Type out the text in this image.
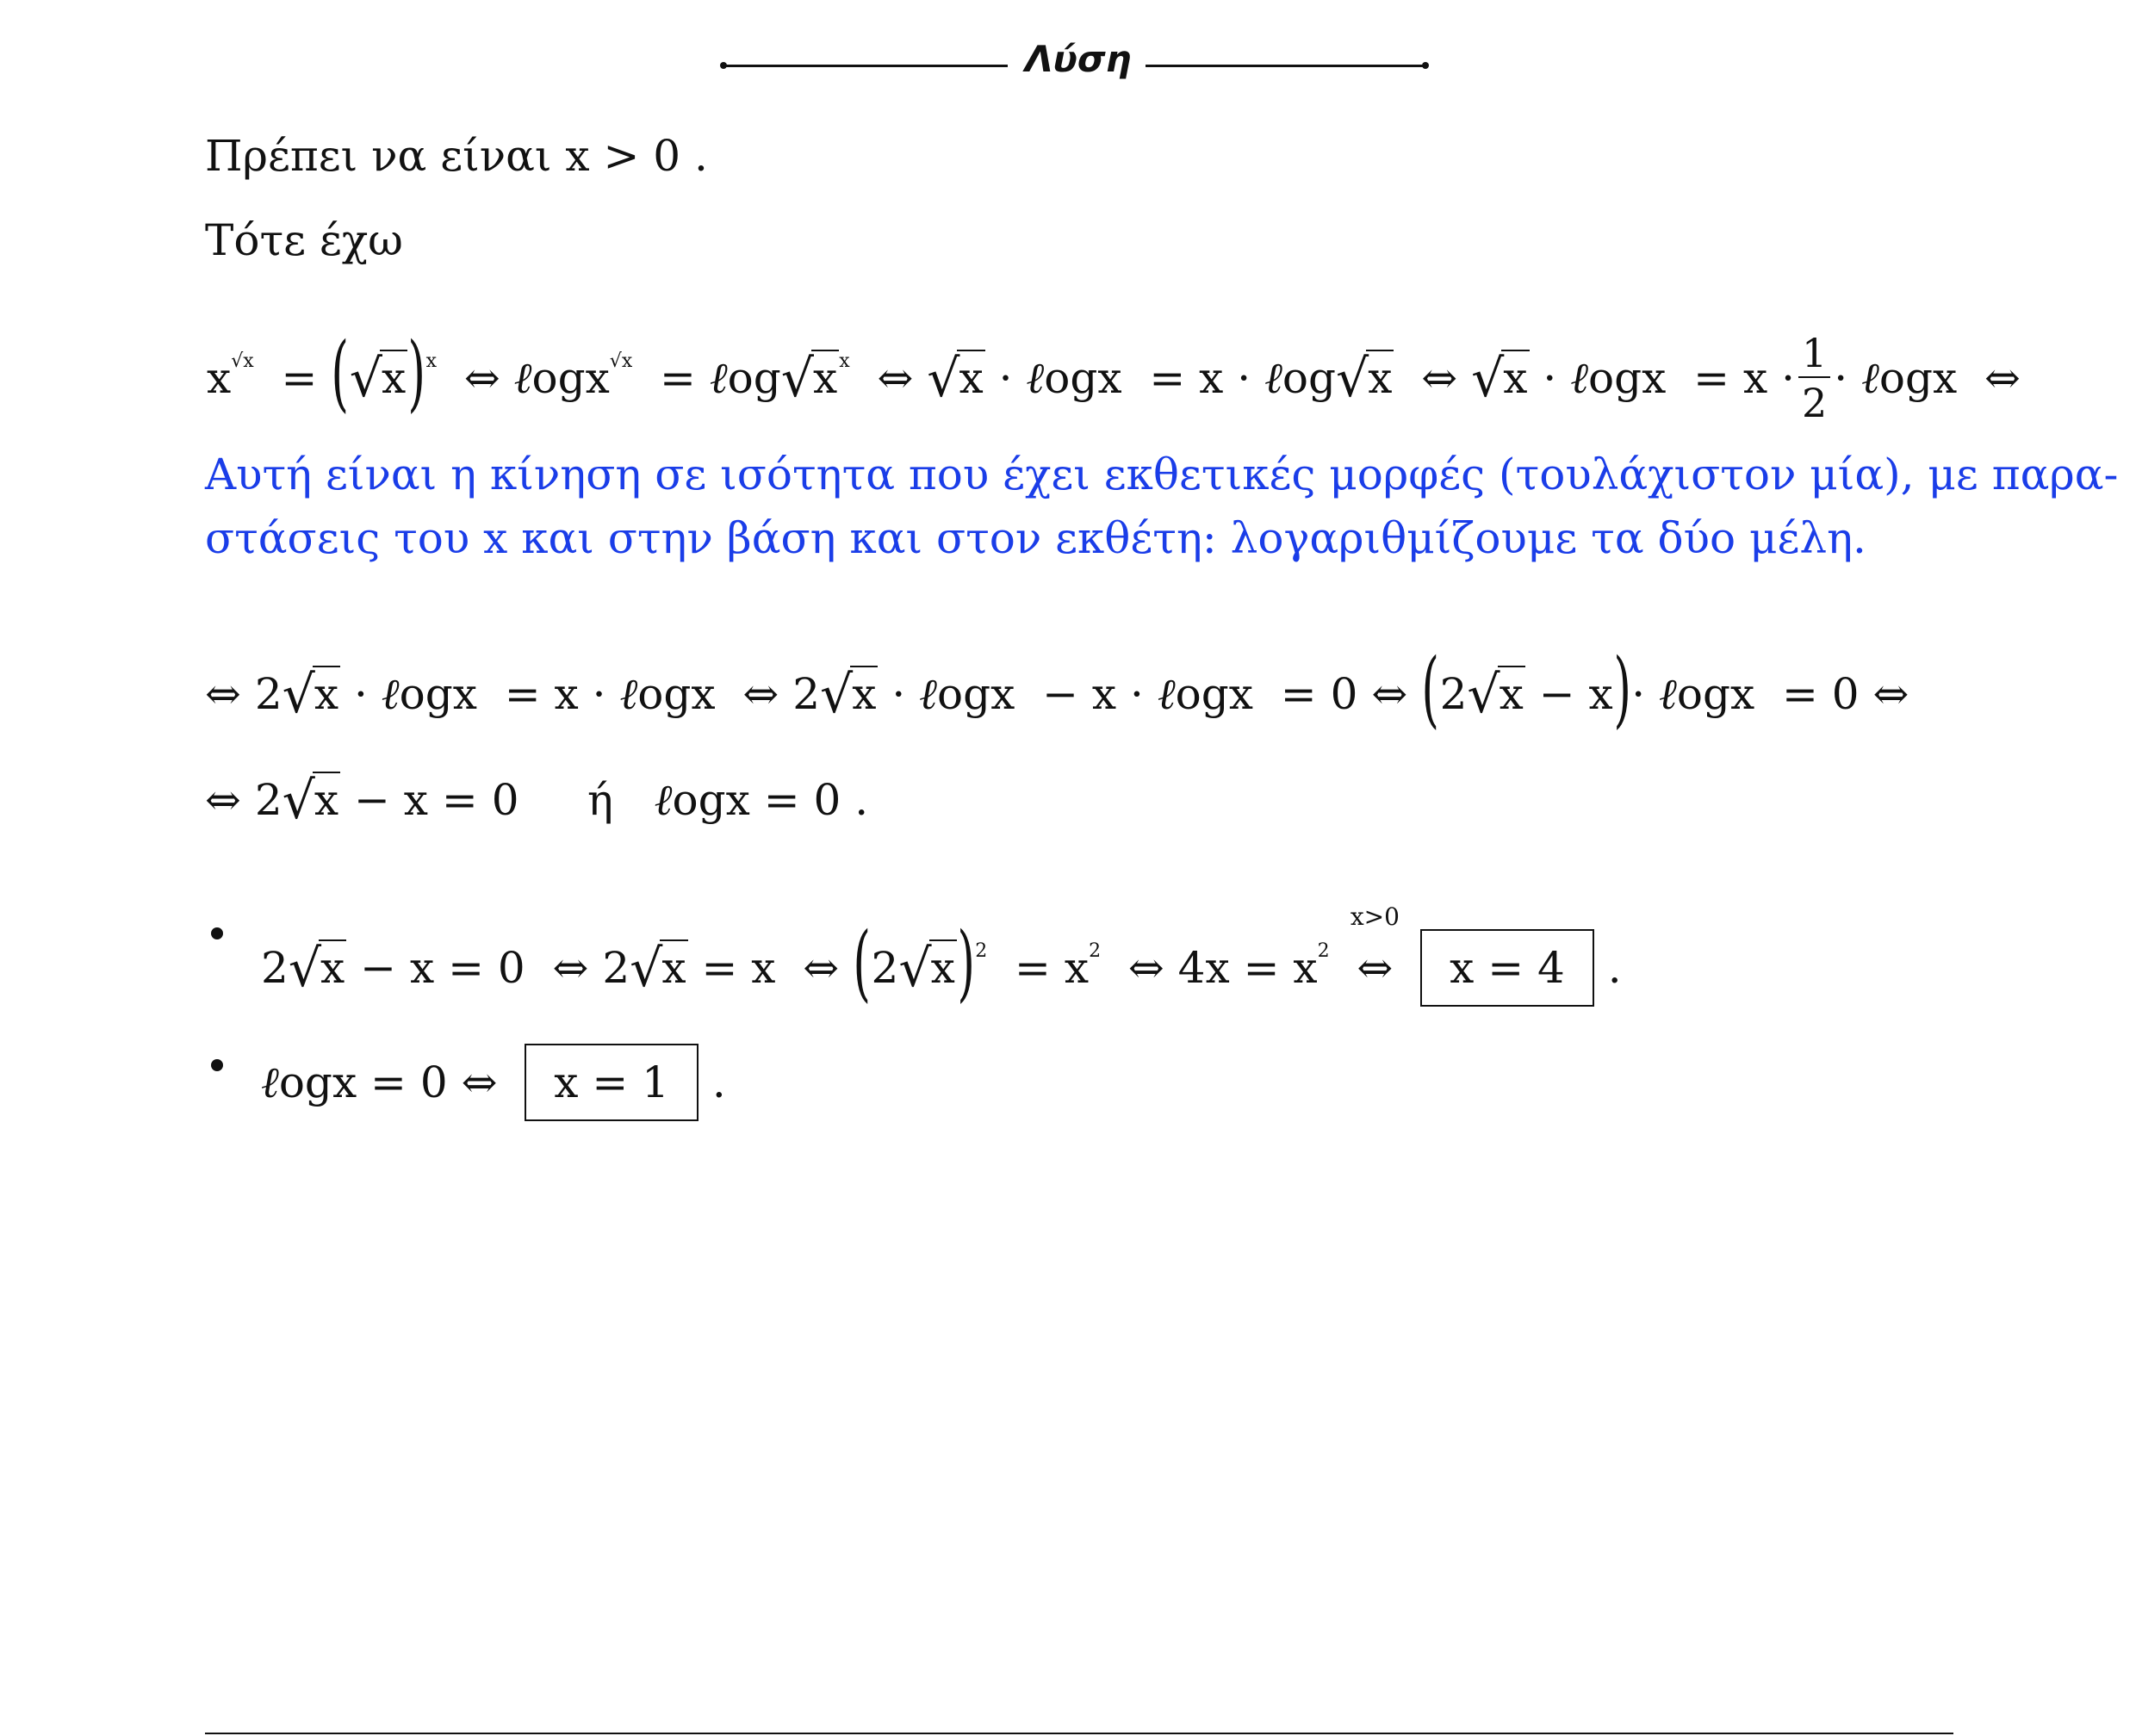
Λύση
Πρέπει να είναι x > 0 .
Τότε έχω
$x^{√x} = (√x)^x$ ⇔ ℓogx$^{√x}$ = $\ell og√x^x$ ⇔ √x · ℓogx = x · ℓog√x ⇔ √x · ℓogx = $x \cdot \frac{1}{2}$ · ℓogx ⇔
Αυτή είναι η κίνηση σε ισότητα που έχει εκθετικές μορφές (τουλάχιστον μία), με παρα-
στάσεις του x και στην βάση και στον εκθέτη: λογαριθμίζουμε τα δύο μέλη.
⇔ 2√x · ℓogx = x · ℓogx ⇔ 2√x · ℓogx − x · ℓogx = 0 ⇔ (2√x − x)· ℓogx = 0 ⇔
⇔ 2√x − x = 0 ή ℓogx = 0 .
2√x − x = 0 ⇔ 2√x = x ⇔ $(2√x)^2 = x^2$ ⇔ $4x = x^2$
x>0
⇔ x = 4 .
ℓogx = 0 ⇔ x = 1 .
